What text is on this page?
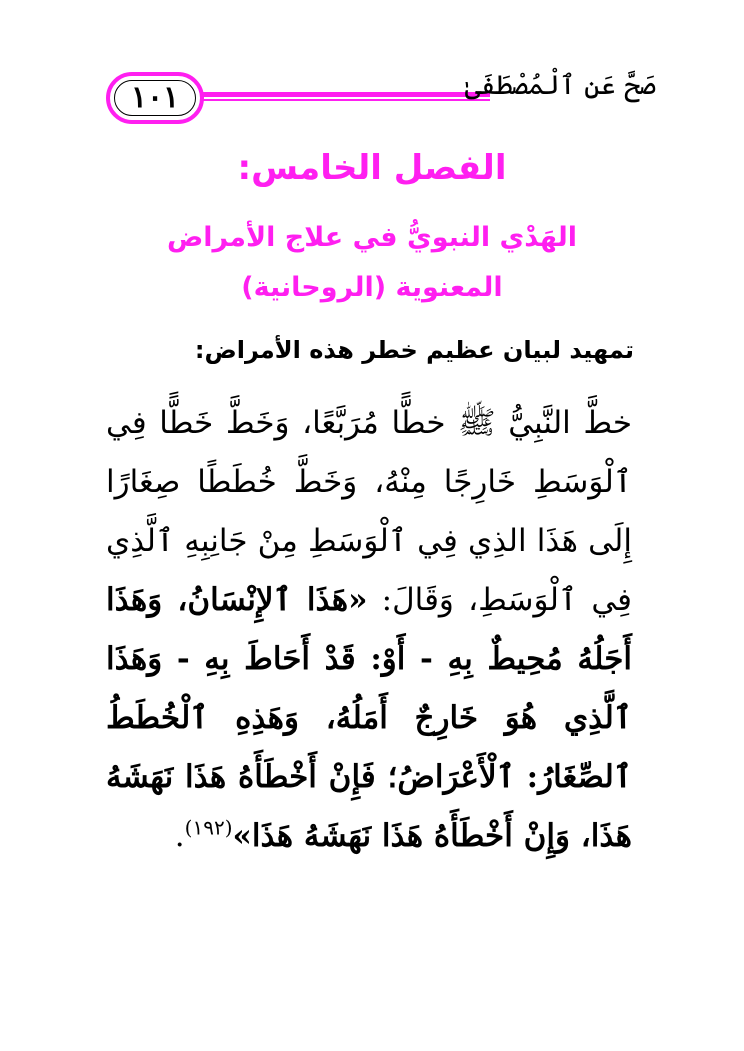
١٠١	صَحَّ عَنِ ٱلْمُصْطَفَىٰ
الفصل الخامس:
الهَدْي النبويُّ في علاج الأمراض
المعنوية (الروحانية)
تمهيد لبيان عظيم خطر هذه الأمراض:
خطَّ النَّبِيُّ ﷺ خطًّا مُرَبَّعًا، وَخَطَّ خَطًّا فِي ٱلْوَسَطِ خَارِجًا مِنْهُ، وَخَطَّ خُطَطًا صِغَارًا إِلَى هَذَا الذِي فِي ٱلْوَسَطِ مِنْ جَانِبِهِ ٱلَّذِي فِي ٱلْوَسَطِ، وَقَالَ: «هَذَا ٱلإِنْسَانُ، وَهَذَا أَجَلُهُ مُحِيطٌ بِهِ - أَوْ: قَدْ أَحَاطَ بِهِ - وَهَذَا ٱلَّذِي هُوَ خَارِجٌ أَمَلُهُ، وَهَذِهِ ٱلْخُطَطُ ٱلصِّغَارُ: ٱلْأَعْرَاضُ؛ فَإِنْ أَخْطَأَهُ هَذَا نَهَشَهُ هَذَا، وَإِنْ أَخْطَأَهُ هَذَا نَهَشَهُ هَذَا»$^{(١٩٢)}$.
